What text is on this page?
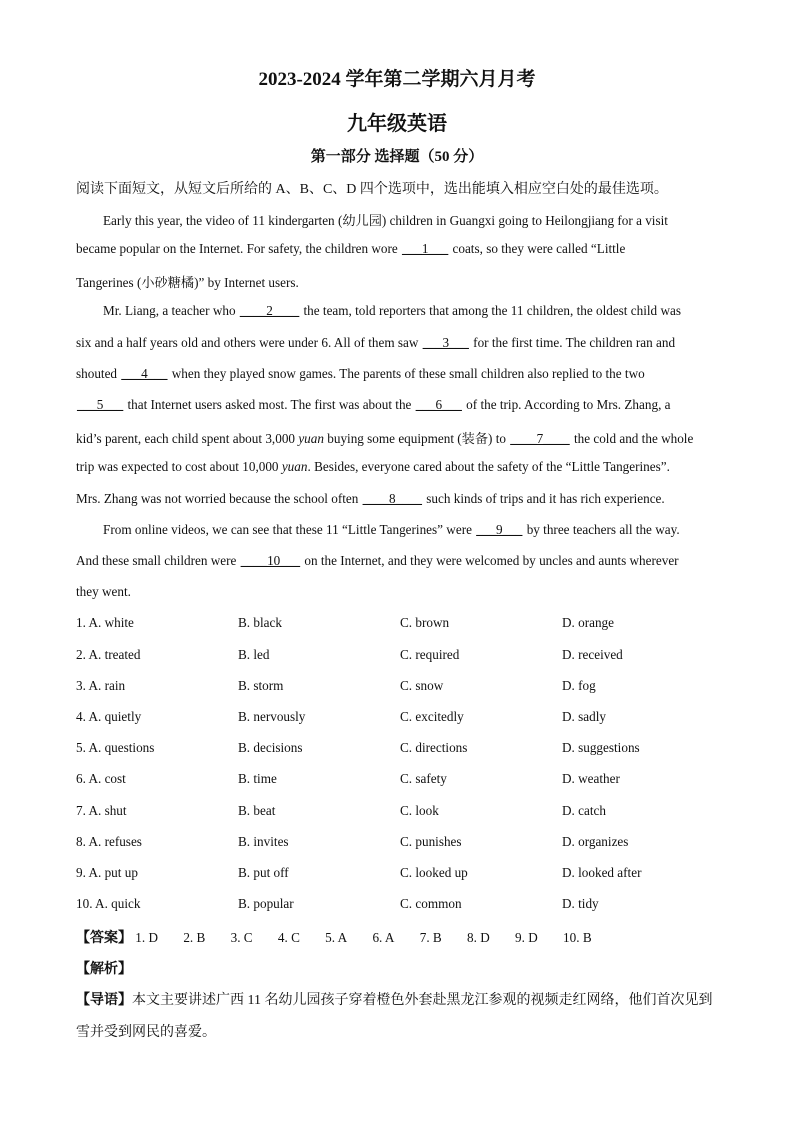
2023-2024 学年第二学期六月月考
九年级英语
第一部分 选择题（50 分）
阅读下面短文，从短文后所给的 A、B、C、D 四个选项中，选出能填入相应空白处的最佳选项。
Early this year, the video of 11 kindergarten (幼儿园) children in Guangxi going to Heilongjiang for a visit
became popular on the Internet. For safety, the children wore ___1___ coats, so they were called “Little
Tangerines (小砂糖橘)” by Internet users.
Mr. Liang, a teacher who ____2____ the team, told reporters that among the 11 children, the oldest child was
six and a half years old and others were under 6. All of them saw ___3___ for the first time. The children ran and
shouted ___4___ when they played snow games. The parents of these small children also replied to the two
___5___ that Internet users asked most. The first was about the ___6___ of the trip. According to Mrs. Zhang, a
kid’s parent, each child spent about 3,000 yuan buying some equipment (装备) to ____7____ the cold and the whole
trip was expected to cost about 10,000 yuan. Besides, everyone cared about the safety of the “Little Tangerines”.
Mrs. Zhang was not worried because the school often ____8____ such kinds of trips and it has rich experience.
From online videos, we can see that these 11 “Little Tangerines” were ___9___ by three teachers all the way.
And these small children were ____10___ on the Internet, and they were welcomed by uncles and aunts wherever
they went.
1. A. white	B. black	C. brown	D. orange
2. A. treated	B. led	C. required	D. received
3. A. rain	B. storm	C. snow	D. fog
4. A. quietly	B. nervously	C. excitedly	D. sadly
5. A. questions	B. decisions	C. directions	D. suggestions
6. A. cost	B. time	C. safety	D. weather
7. A. shut	B. beat	C. look	D. catch
8. A. refuses	B. invites	C. punishes	D. organizes
9. A. put up	B. put off	C. looked up	D. looked after
10. A. quick	B. popular	C. common	D. tidy
【答案】 1. D 2. B 3. C 4. C 5. A 6. A 7. B 8. D 9. D 10. B
【解析】
【导语】本文主要讲述广西 11 名幼儿园孩子穿着橙色外套赴黑龙江参观的视频走红网络，他们首次见到
雪并受到网民的喜爱。
